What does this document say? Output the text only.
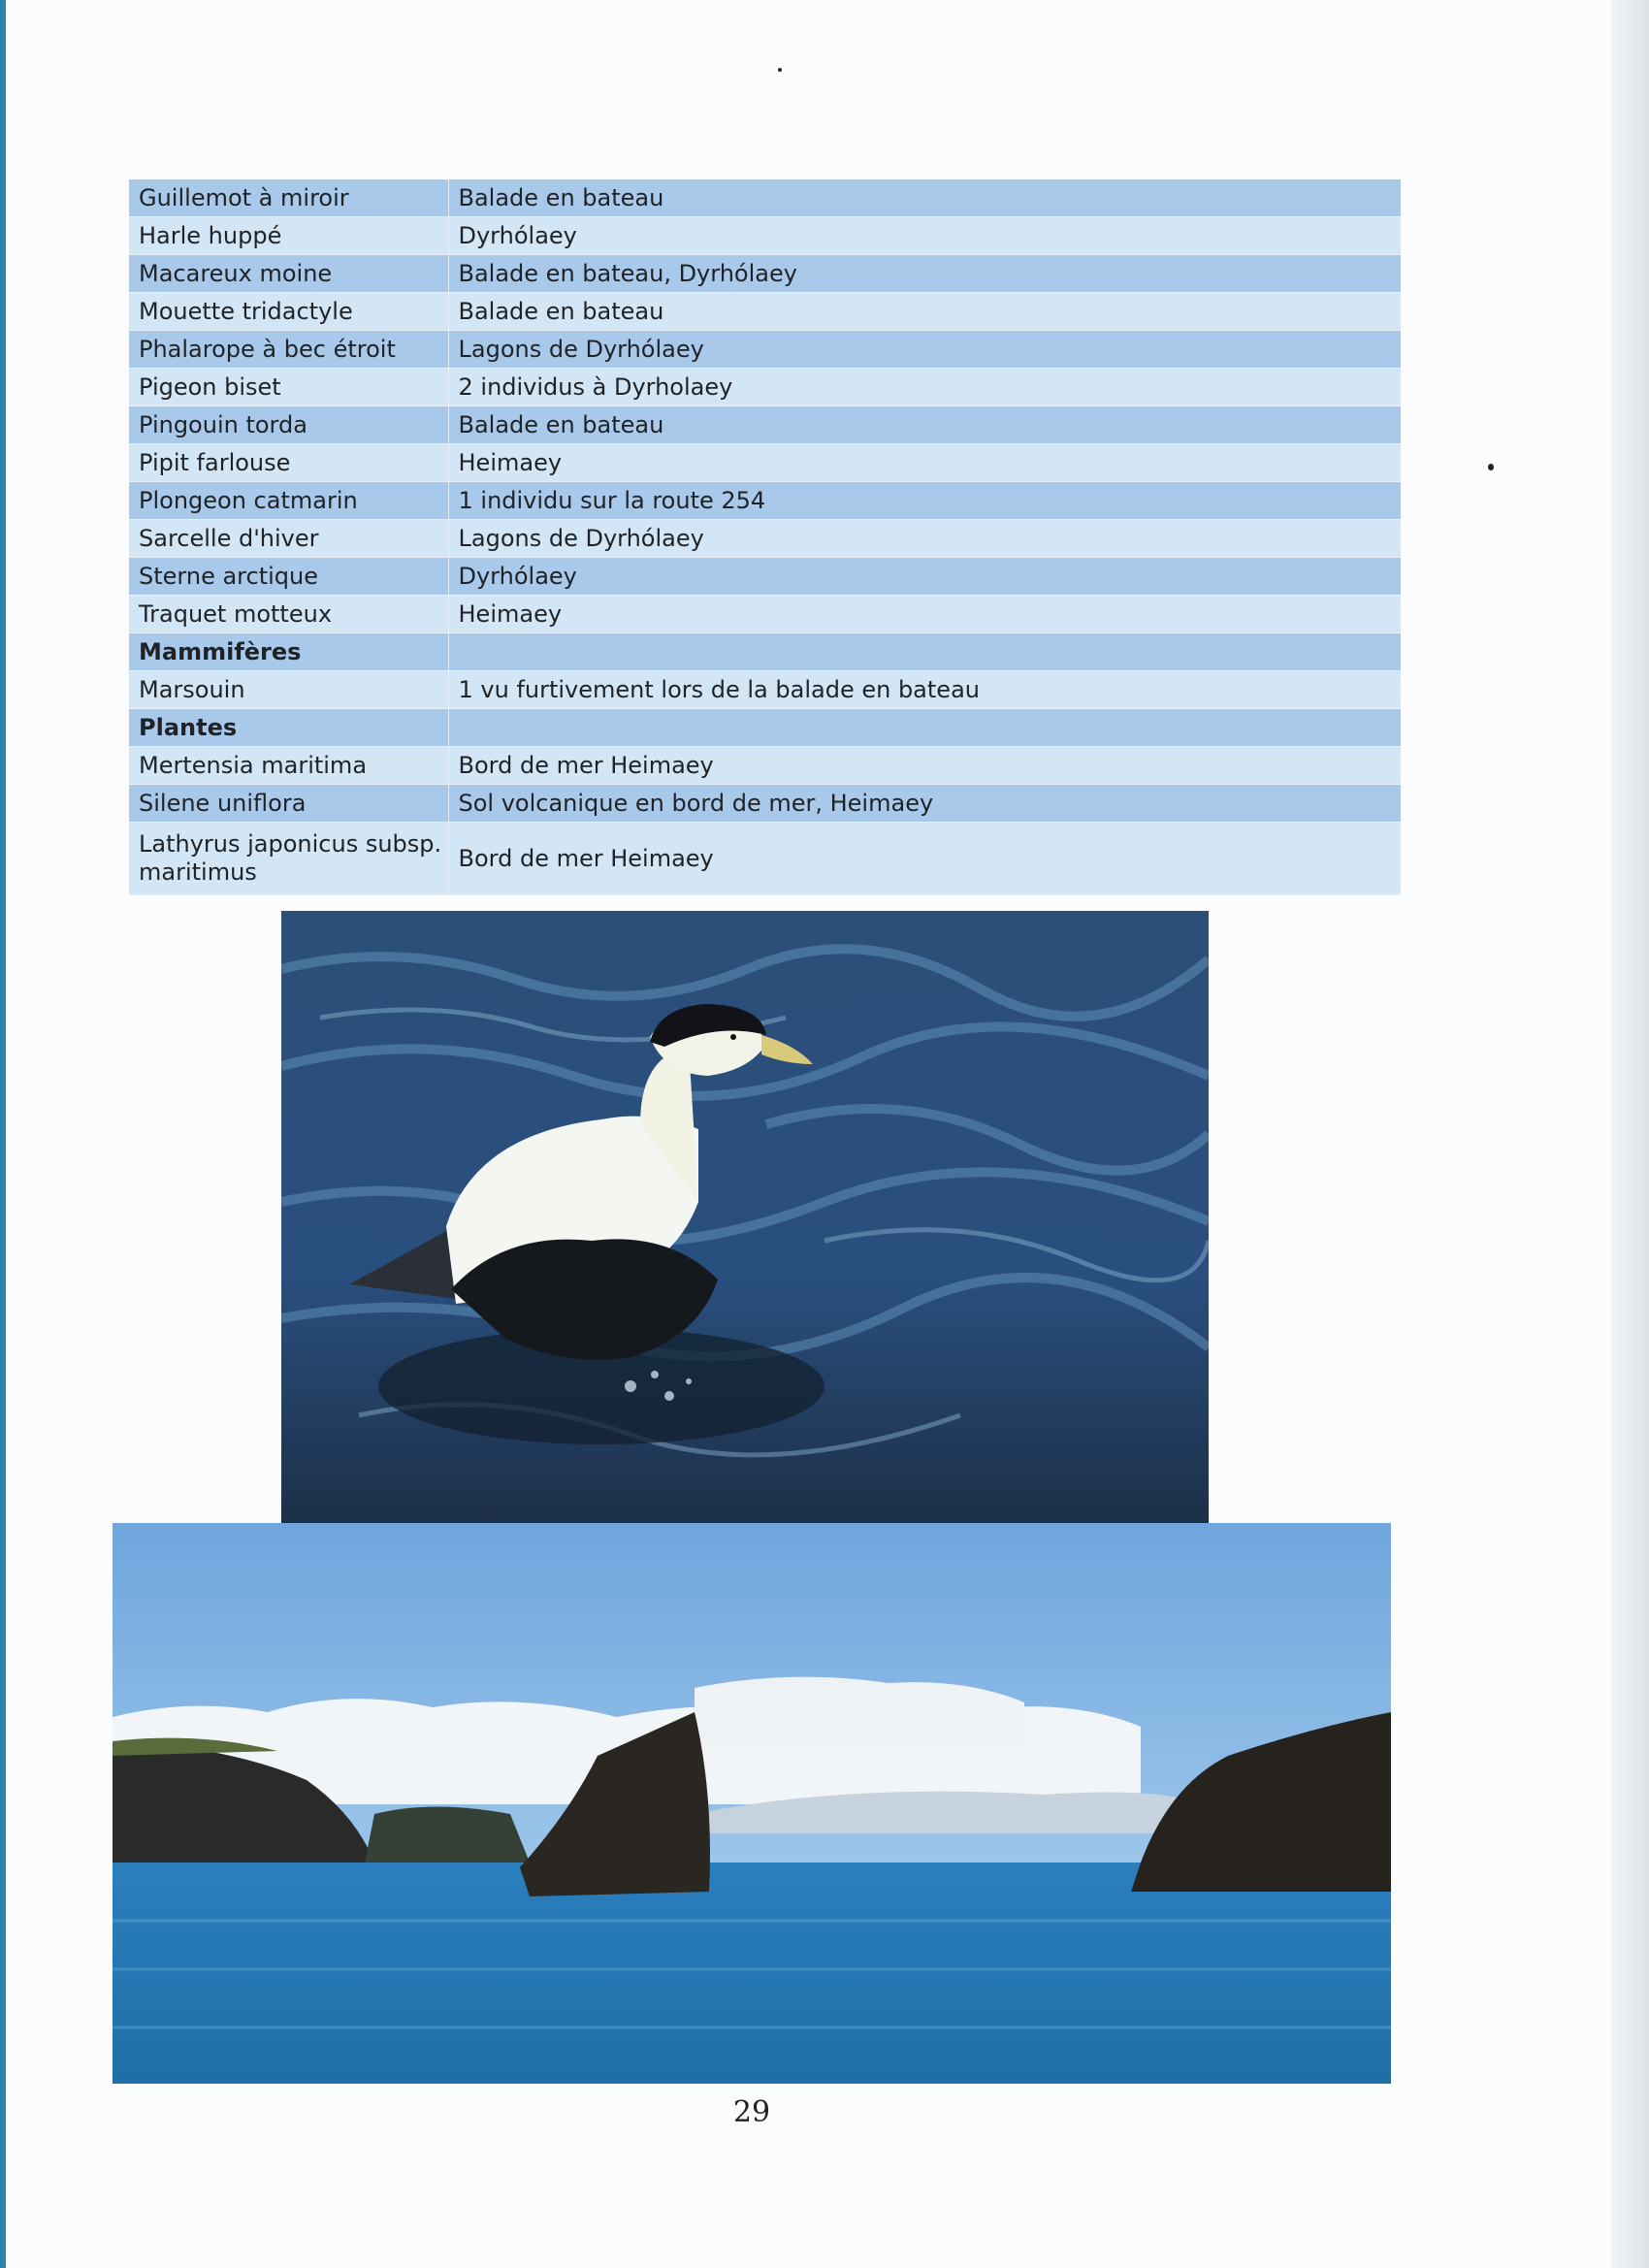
Guillemot à miroir	Balade en bateau
Harle huppé	Dyrhólaey
Macareux moine	Balade en bateau, Dyrhólaey
Mouette tridactyle	Balade en bateau
Phalarope à bec étroit	Lagons de Dyrhólaey
Pigeon biset	2 individus à Dyrholaey
Pingouin torda	Balade en bateau
Pipit farlouse	Heimaey
Plongeon catmarin	1 individu sur la route 254
Sarcelle d'hiver	Lagons de Dyrhólaey
Sterne arctique	Dyrhólaey
Traquet motteux	Heimaey
Mammifères	
Marsouin	1 vu furtivement lors de la balade en bateau
Plantes	
Mertensia maritima	Bord de mer Heimaey
Silene uniflora	Sol volcanique en bord de mer, Heimaey
Lathyrus japonicus subsp. maritimus	Bord de mer Heimaey
29
